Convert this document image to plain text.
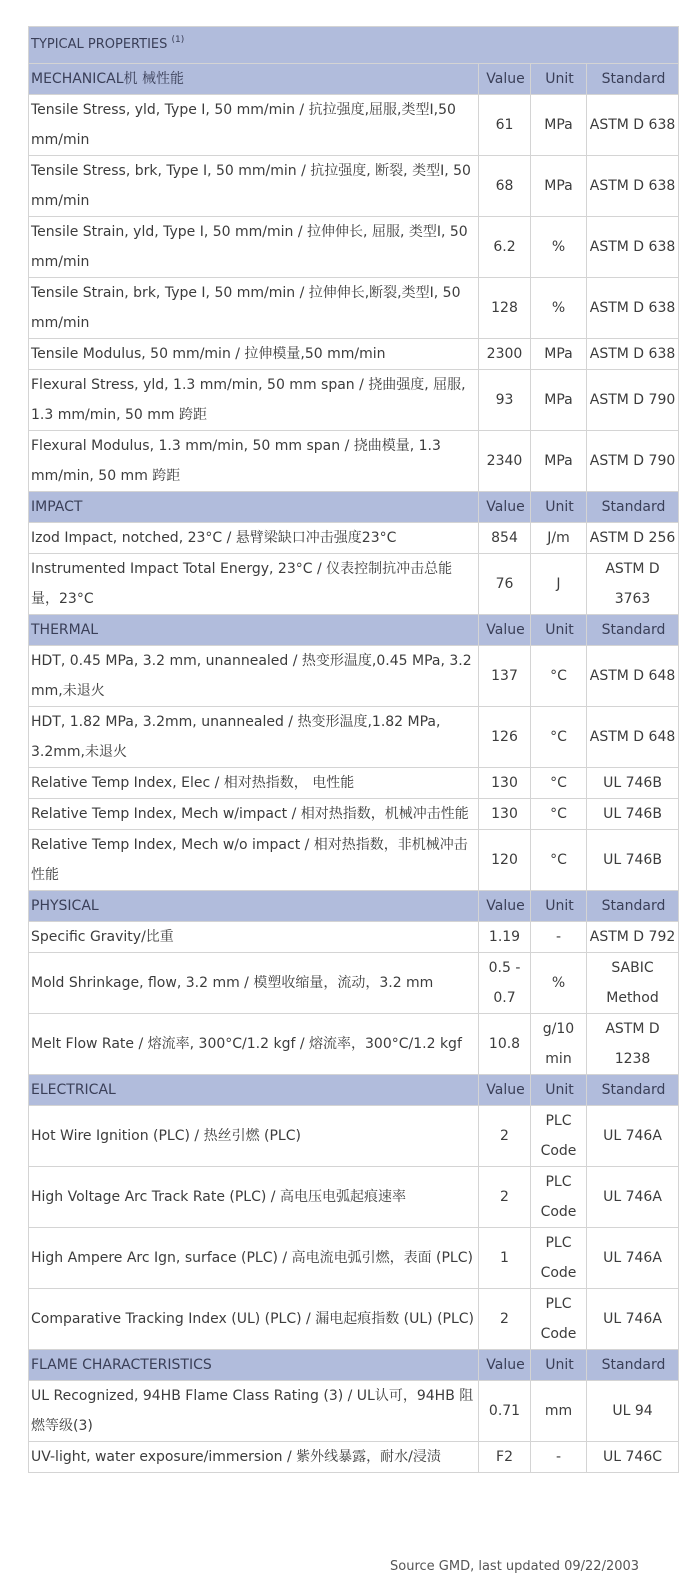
TYPICAL PROPERTIES $^{(1)}$
MECHANICAL机 械性能	Value	Unit	Standard
Tensile Stress, yld, Type I, 50 mm/min / 抗拉强度,屈服,类型I,50 mm/min	61	MPa	ASTM D 638
Tensile Stress, brk, Type I, 50 mm/min / 抗拉强度, 断裂, 类型I, 50 mm/min	68	MPa	ASTM D 638
Tensile Strain, yld, Type I, 50 mm/min / 拉伸伸长, 屈服, 类型I, 50 mm/min	6.2	%	ASTM D 638
Tensile Strain, brk, Type I, 50 mm/min / 拉伸伸长,断裂,类型I, 50 mm/min	128	%	ASTM D 638
Tensile Modulus, 50 mm/min / 拉伸模量,50 mm/min	2300	MPa	ASTM D 638
Flexural Stress, yld, 1.3 mm/min, 50 mm span / 挠曲强度, 屈服, 1.3 mm/min, 50 mm 跨距	93	MPa	ASTM D 790
Flexural Modulus, 1.3 mm/min, 50 mm span / 挠曲模量, 1.3 mm/min, 50 mm 跨距	2340	MPa	ASTM D 790
IMPACT	Value	Unit	Standard
Izod Impact, notched, 23°C / 悬臂梁缺口冲击强度23°C	854	J/m	ASTM D 256
Instrumented Impact Total Energy, 23°C / 仪表控制抗冲击总能量，23°C	76	J	ASTM D 3763
THERMAL	Value	Unit	Standard
HDT, 0.45 MPa, 3.2 mm, unannealed / 热变形温度,0.45 MPa, 3.2 mm,未退火	137	°C	ASTM D 648
HDT, 1.82 MPa, 3.2mm, unannealed / 热变形温度,1.82 MPa, 3.2mm,未退火	126	°C	ASTM D 648
Relative Temp Index, Elec / 相对热指数， 电性能	130	°C	UL 746B
Relative Temp Index, Mech w/impact / 相对热指数，机械冲击性能	130	°C	UL 746B
Relative Temp Index, Mech w/o impact / 相对热指数，非机械冲击性能	120	°C	UL 746B
PHYSICAL	Value	Unit	Standard
Specific Gravity/比重	1.19	-	ASTM D 792
Mold Shrinkage, flow, 3.2 mm / 模塑收缩量，流动，3.2 mm	0.5 - 0.7	%	SABIC Method
Melt Flow Rate / 熔流率, 300°C/1.2 kgf / 熔流率，300°C/1.2 kgf	10.8	g/10 min	ASTM D 1238
ELECTRICAL	Value	Unit	Standard
Hot Wire Ignition (PLC) / 热丝引燃 (PLC)	2	PLC Code	UL 746A
High Voltage Arc Track Rate (PLC) / 高电压电弧起痕速率	2	PLC Code	UL 746A
High Ampere Arc Ign, surface (PLC) / 高电流电弧引燃，表面 (PLC)	1	PLC Code	UL 746A
Comparative Tracking Index (UL) (PLC) / 漏电起痕指数 (UL) (PLC)	2	PLC Code	UL 746A
FLAME CHARACTERISTICS	Value	Unit	Standard
UL Recognized, 94HB Flame Class Rating (3) / UL认可，94HB 阻燃等级(3)	0.71	mm	UL 94
UV-light, water exposure/immersion / 紫外线暴露，耐水/浸渍	F2	-	UL 746C
Source GMD, last updated 09/22/2003
